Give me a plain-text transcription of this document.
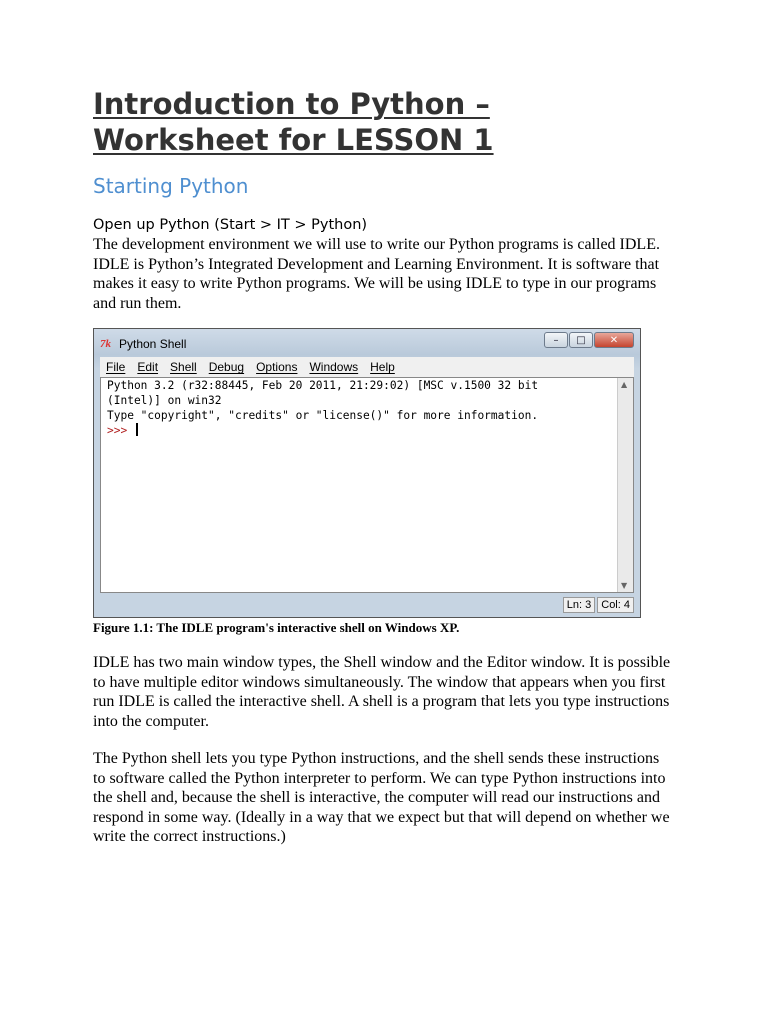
Introduction to Python –
Worksheet for LESSON 1
Starting Python
Open up Python (Start > IT > Python)

The development environment we will use to write our Python programs is called IDLE. IDLE is Python’s Integrated Development and Learning Environment. It is software that makes it easy to write Python programs. We will be using IDLE to type in our programs and run them.

Figure 1.1: The IDLE program's interactive shell on Windows XP.

IDLE has two main window types, the Shell window and the Editor window. It is possible to have multiple editor windows simultaneously. The window that appears when you first run IDLE is called the interactive shell. A shell is a program that lets you type instructions into the computer.

The Python shell lets you type Python instructions, and the shell sends these instructions to software called the Python interpreter to perform. We can type Python instructions into the shell and, because the shell is interactive, the computer will read our instructions and respond in some way. (Ideally in a way that we expect but that will depend on whether we write the correct instructions.)

7k Python Shell	–	□	✕
File	Edit	Shell	Debug	Options	Windows	Help
Python 3.2 (r32:88445, Feb 20 2011, 21:29:02) [MSC v.1500 32 bit
(Intel)] on win32
Type "copyright", "credits" or "license()" for more information.
>>>
▲
▼
Ln: 3 Col: 4
